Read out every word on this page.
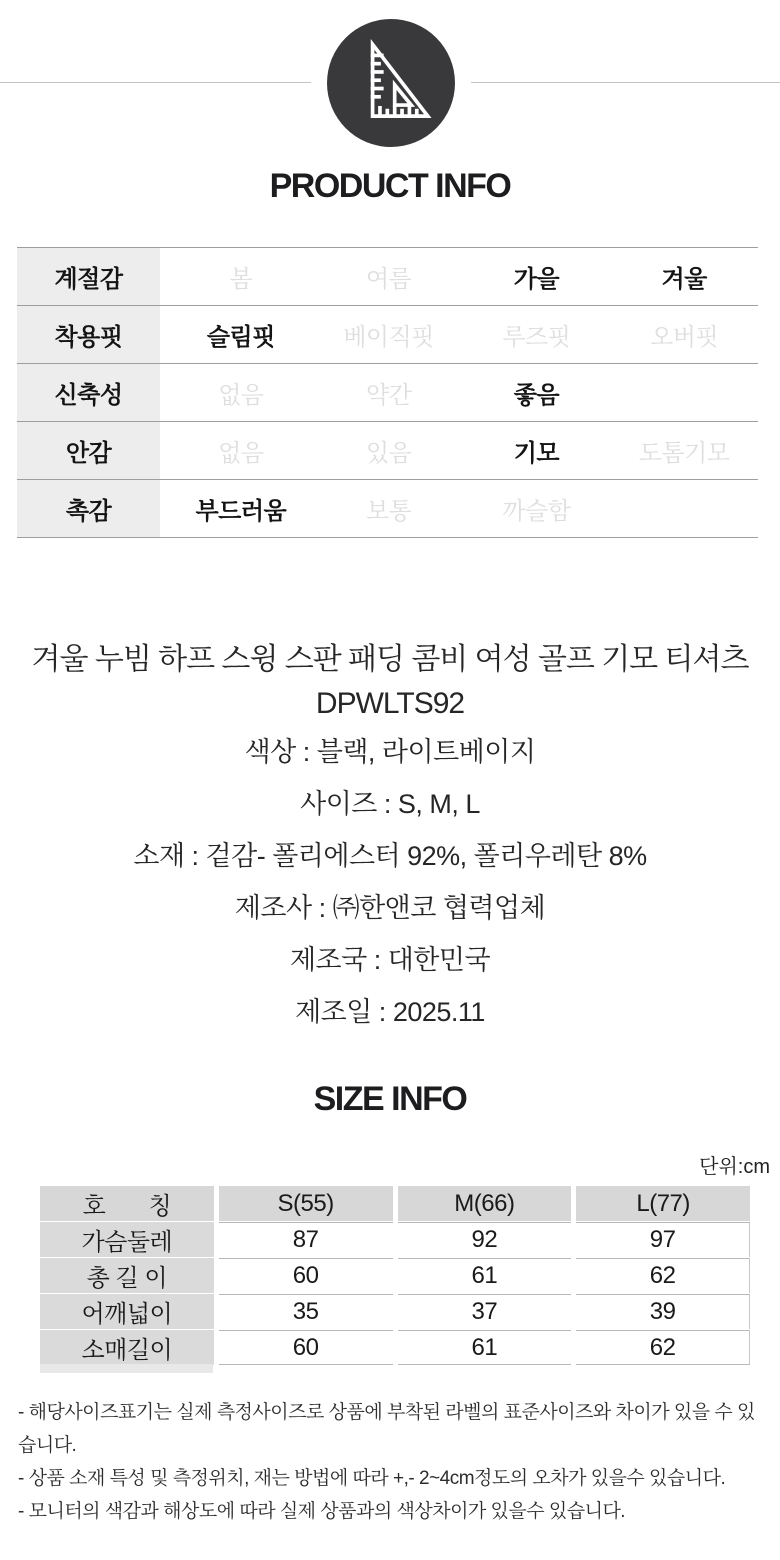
PRODUCT INFO
계절감	봄	여름	가을	겨울
착용핏	슬림핏	베이직핏	루즈핏	오버핏
신축성	없음	약간	좋음
안감	없음	있음	기모	도톰기모
촉감	부드러움	보통	까슬함
겨울 누빔 하프 스윙 스판 패딩 콤비 여성 골프 기모 티셔츠 DPWLTS92
색상 : 블랙, 라이트베이지
사이즈 : S, M, L
소재 : 겉감- 폴리에스터 92%, 폴리우레탄 8%
제조사 : ㈜한앤코 협력업체
제조국 : 대한민국
제조일 : 2025.11
SIZE INFO
단위:cm
호       칭	S(55)	M(66)	L(77)
가슴둘레	87	92	97
총 길 이	60	61	62
어깨넓이	35	37	39
소매길이	60	61	62
- 해당사이즈표기는 실제 측정사이즈로 상품에 부착된 라벨의 표준사이즈와 차이가 있을 수 있습니다.
- 상품 소재 특성 및 측정위치, 재는 방법에 따라 +,- 2~4cm정도의 오차가 있을수 있습니다.
- 모니터의 색감과 해상도에 따라 실제 상품과의 색상차이가 있을수 있습니다.
